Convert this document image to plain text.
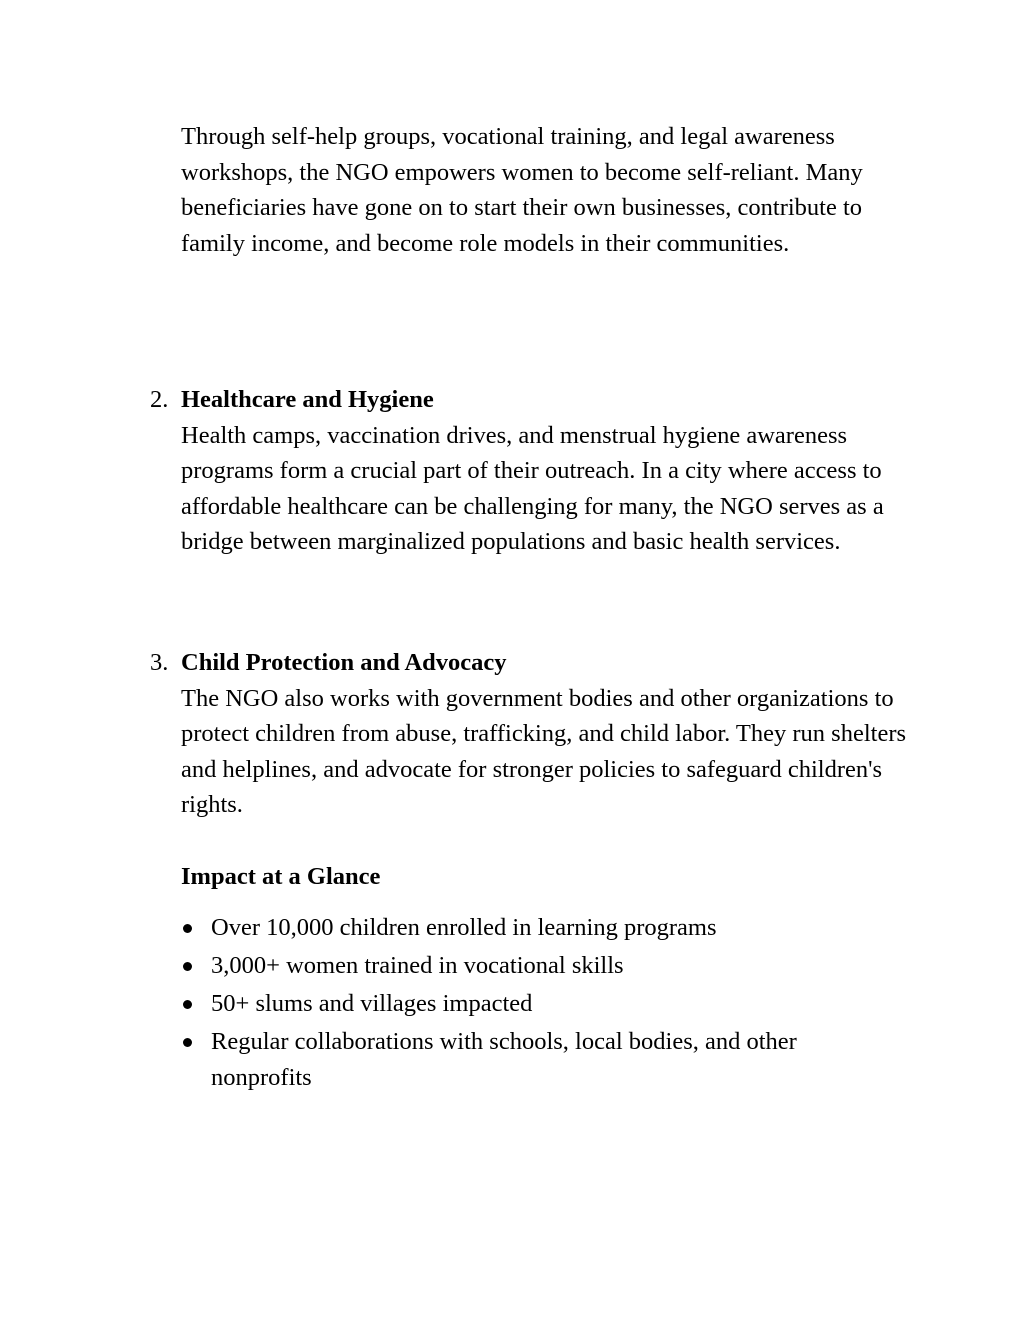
Through self-help groups, vocational training, and legal awareness workshops, the NGO empowers women to become self-reliant. Many beneficiaries have gone on to start their own businesses, contribute to family income, and become role models in their communities.
2. Healthcare and Hygiene
Health camps, vaccination drives, and menstrual hygiene awareness programs form a crucial part of their outreach. In a city where access to affordable healthcare can be challenging for many, the NGO serves as a bridge between marginalized populations and basic health services.
3. Child Protection and Advocacy
The NGO also works with government bodies and other organizations to protect children from abuse, trafficking, and child labor. They run shelters and helplines, and advocate for stronger policies to safeguard children's rights.
Impact at a Glance
Over 10,000 children enrolled in learning programs
3,000+ women trained in vocational skills
50+ slums and villages impacted
Regular collaborations with schools, local bodies, and other nonprofits
